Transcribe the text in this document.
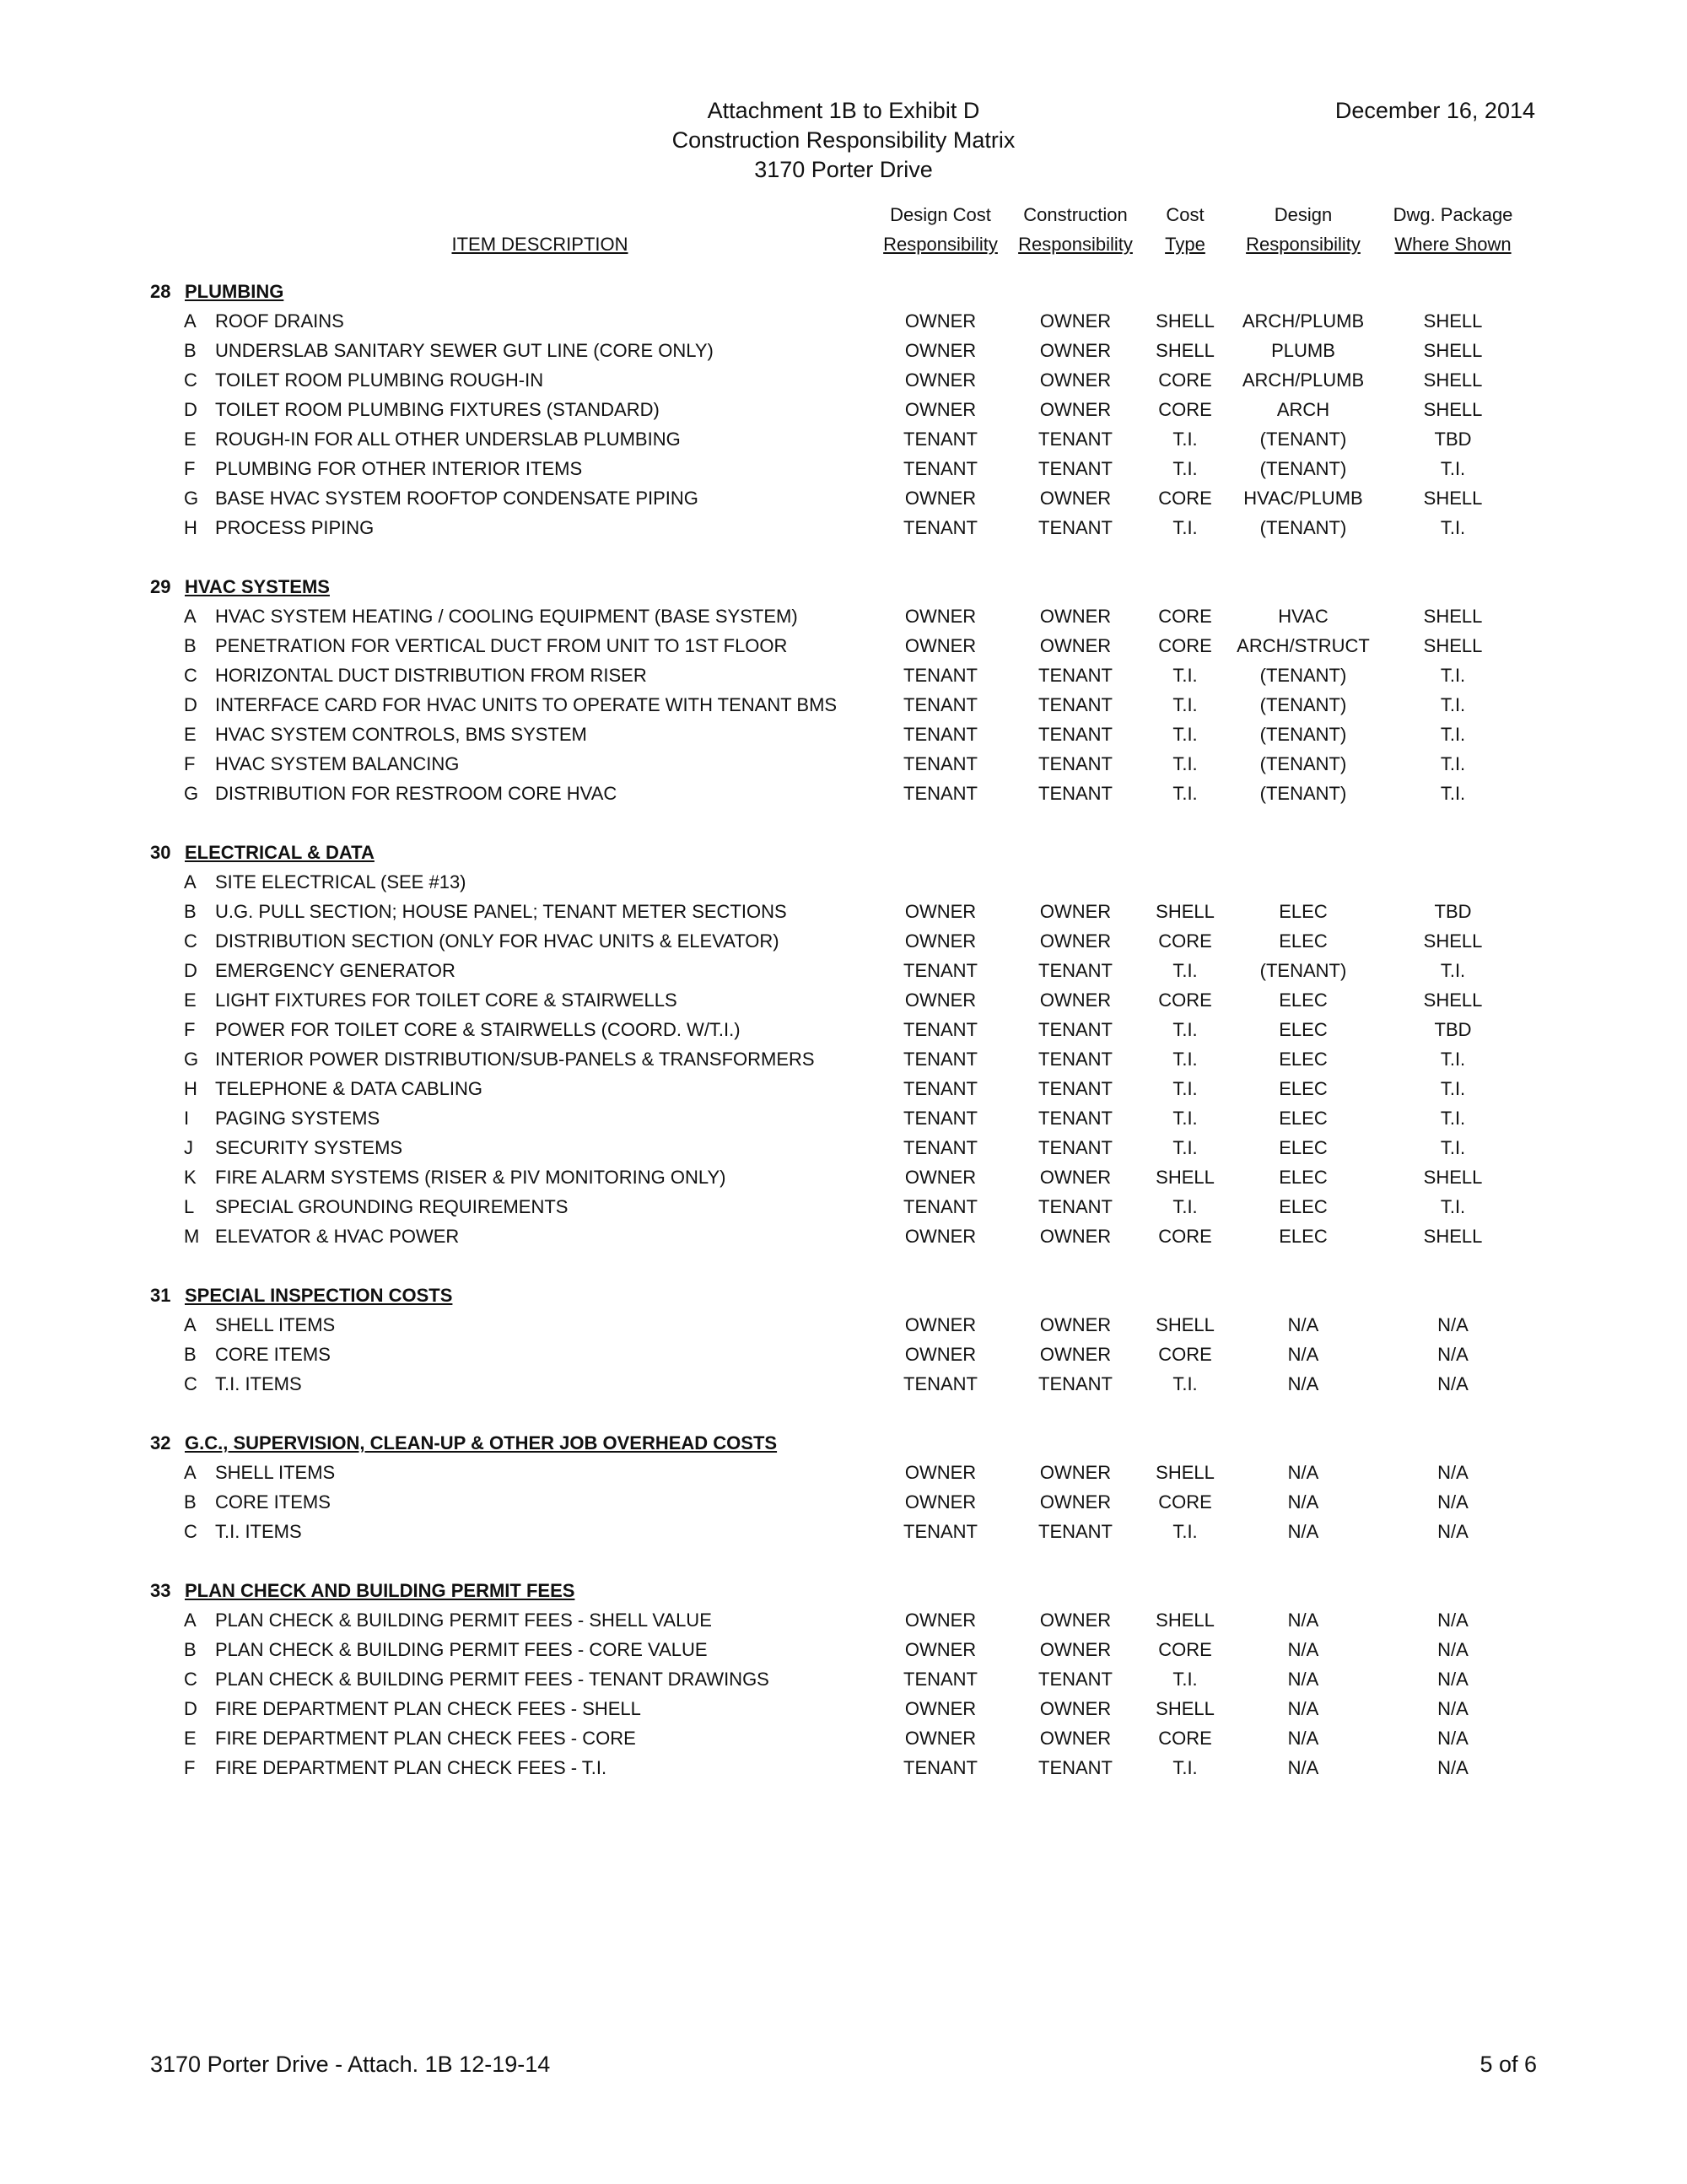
Attachment 1B to Exhibit D
Construction Responsibility Matrix
3170 Porter Drive
December 16, 2014
ITEM DESCRIPTION
Design Cost
Responsibility
Construction
Responsibility
Cost
Type
Design
Responsibility
Dwg. Package
Where Shown
28 PLUMBING
A ROOF DRAINS	OWNER	OWNER	SHELL	ARCH/PLUMB	SHELL
B UNDERSLAB SANITARY SEWER GUT LINE (CORE ONLY)	OWNER	OWNER	SHELL	PLUMB	SHELL
C TOILET ROOM PLUMBING ROUGH-IN	OWNER	OWNER	CORE	ARCH/PLUMB	SHELL
D TOILET ROOM PLUMBING FIXTURES (STANDARD)	OWNER	OWNER	CORE	ARCH	SHELL
E ROUGH-IN FOR ALL OTHER UNDERSLAB PLUMBING	TENANT	TENANT	T.I.	(TENANT)	TBD
F PLUMBING FOR OTHER INTERIOR ITEMS	TENANT	TENANT	T.I.	(TENANT)	T.I.
G BASE HVAC SYSTEM ROOFTOP CONDENSATE PIPING	OWNER	OWNER	CORE	HVAC/PLUMB	SHELL
H PROCESS PIPING	TENANT	TENANT	T.I.	(TENANT)	T.I.
29 HVAC SYSTEMS
A HVAC SYSTEM HEATING / COOLING EQUIPMENT (BASE SYSTEM)	OWNER	OWNER	CORE	HVAC	SHELL
B PENETRATION FOR VERTICAL DUCT FROM UNIT TO 1ST FLOOR	OWNER	OWNER	CORE	ARCH/STRUCT	SHELL
C HORIZONTAL DUCT DISTRIBUTION FROM RISER	TENANT	TENANT	T.I.	(TENANT)	T.I.
D INTERFACE CARD FOR HVAC UNITS TO OPERATE WITH TENANT BMS	TENANT	TENANT	T.I.	(TENANT)	T.I.
E HVAC SYSTEM CONTROLS, BMS SYSTEM	TENANT	TENANT	T.I.	(TENANT)	T.I.
F HVAC SYSTEM BALANCING	TENANT	TENANT	T.I.	(TENANT)	T.I.
G DISTRIBUTION FOR RESTROOM CORE HVAC	TENANT	TENANT	T.I.	(TENANT)	T.I.
30 ELECTRICAL & DATA
A SITE ELECTRICAL (SEE #13)
B U.G. PULL SECTION; HOUSE PANEL; TENANT METER SECTIONS	OWNER	OWNER	SHELL	ELEC	TBD
C DISTRIBUTION SECTION (ONLY FOR HVAC UNITS & ELEVATOR)	OWNER	OWNER	CORE	ELEC	SHELL
D EMERGENCY GENERATOR	TENANT	TENANT	T.I.	(TENANT)	T.I.
E LIGHT FIXTURES FOR TOILET CORE & STAIRWELLS	OWNER	OWNER	CORE	ELEC	SHELL
F POWER FOR TOILET CORE & STAIRWELLS (COORD. W/T.I.)	TENANT	TENANT	T.I.	ELEC	TBD
G INTERIOR POWER DISTRIBUTION/SUB-PANELS & TRANSFORMERS	TENANT	TENANT	T.I.	ELEC	T.I.
H TELEPHONE & DATA CABLING	TENANT	TENANT	T.I.	ELEC	T.I.
I	PAGING SYSTEMS	TENANT	TENANT	T.I.	ELEC	T.I.
J	SECURITY SYSTEMS	TENANT	TENANT	T.I.	ELEC	T.I.
K FIRE ALARM SYSTEMS (RISER & PIV MONITORING ONLY)	OWNER	OWNER	SHELL	ELEC	SHELL
L	SPECIAL GROUNDING REQUIREMENTS	TENANT	TENANT	T.I.	ELEC	T.I.
M ELEVATOR & HVAC POWER	OWNER	OWNER	CORE	ELEC	SHELL
31 SPECIAL INSPECTION COSTS
A SHELL ITEMS	OWNER	OWNER	SHELL	N/A	N/A
B CORE ITEMS	OWNER	OWNER	CORE	N/A	N/A
C T.I. ITEMS	TENANT	TENANT	T.I.	N/A	N/A
32 G.C., SUPERVISION, CLEAN-UP & OTHER JOB OVERHEAD COSTS
A SHELL ITEMS	OWNER	OWNER	SHELL	N/A	N/A
B CORE ITEMS	OWNER	OWNER	CORE	N/A	N/A
C T.I. ITEMS	TENANT	TENANT	T.I.	N/A	N/A
33 PLAN CHECK AND BUILDING PERMIT FEES
A PLAN CHECK & BUILDING PERMIT FEES - SHELL VALUE	OWNER	OWNER	SHELL	N/A	N/A
B PLAN CHECK & BUILDING PERMIT FEES - CORE VALUE	OWNER	OWNER	CORE	N/A	N/A
C PLAN CHECK & BUILDING PERMIT FEES - TENANT DRAWINGS	TENANT	TENANT	T.I.	N/A	N/A
D FIRE DEPARTMENT PLAN CHECK FEES - SHELL	OWNER	OWNER	SHELL	N/A	N/A
E FIRE DEPARTMENT PLAN CHECK FEES - CORE	OWNER	OWNER	CORE	N/A	N/A
F FIRE DEPARTMENT PLAN CHECK FEES - T.I.	TENANT	TENANT	T.I.	N/A	N/A
3170 Porter Drive - Attach. 1B 12-19-14	5 of 6
